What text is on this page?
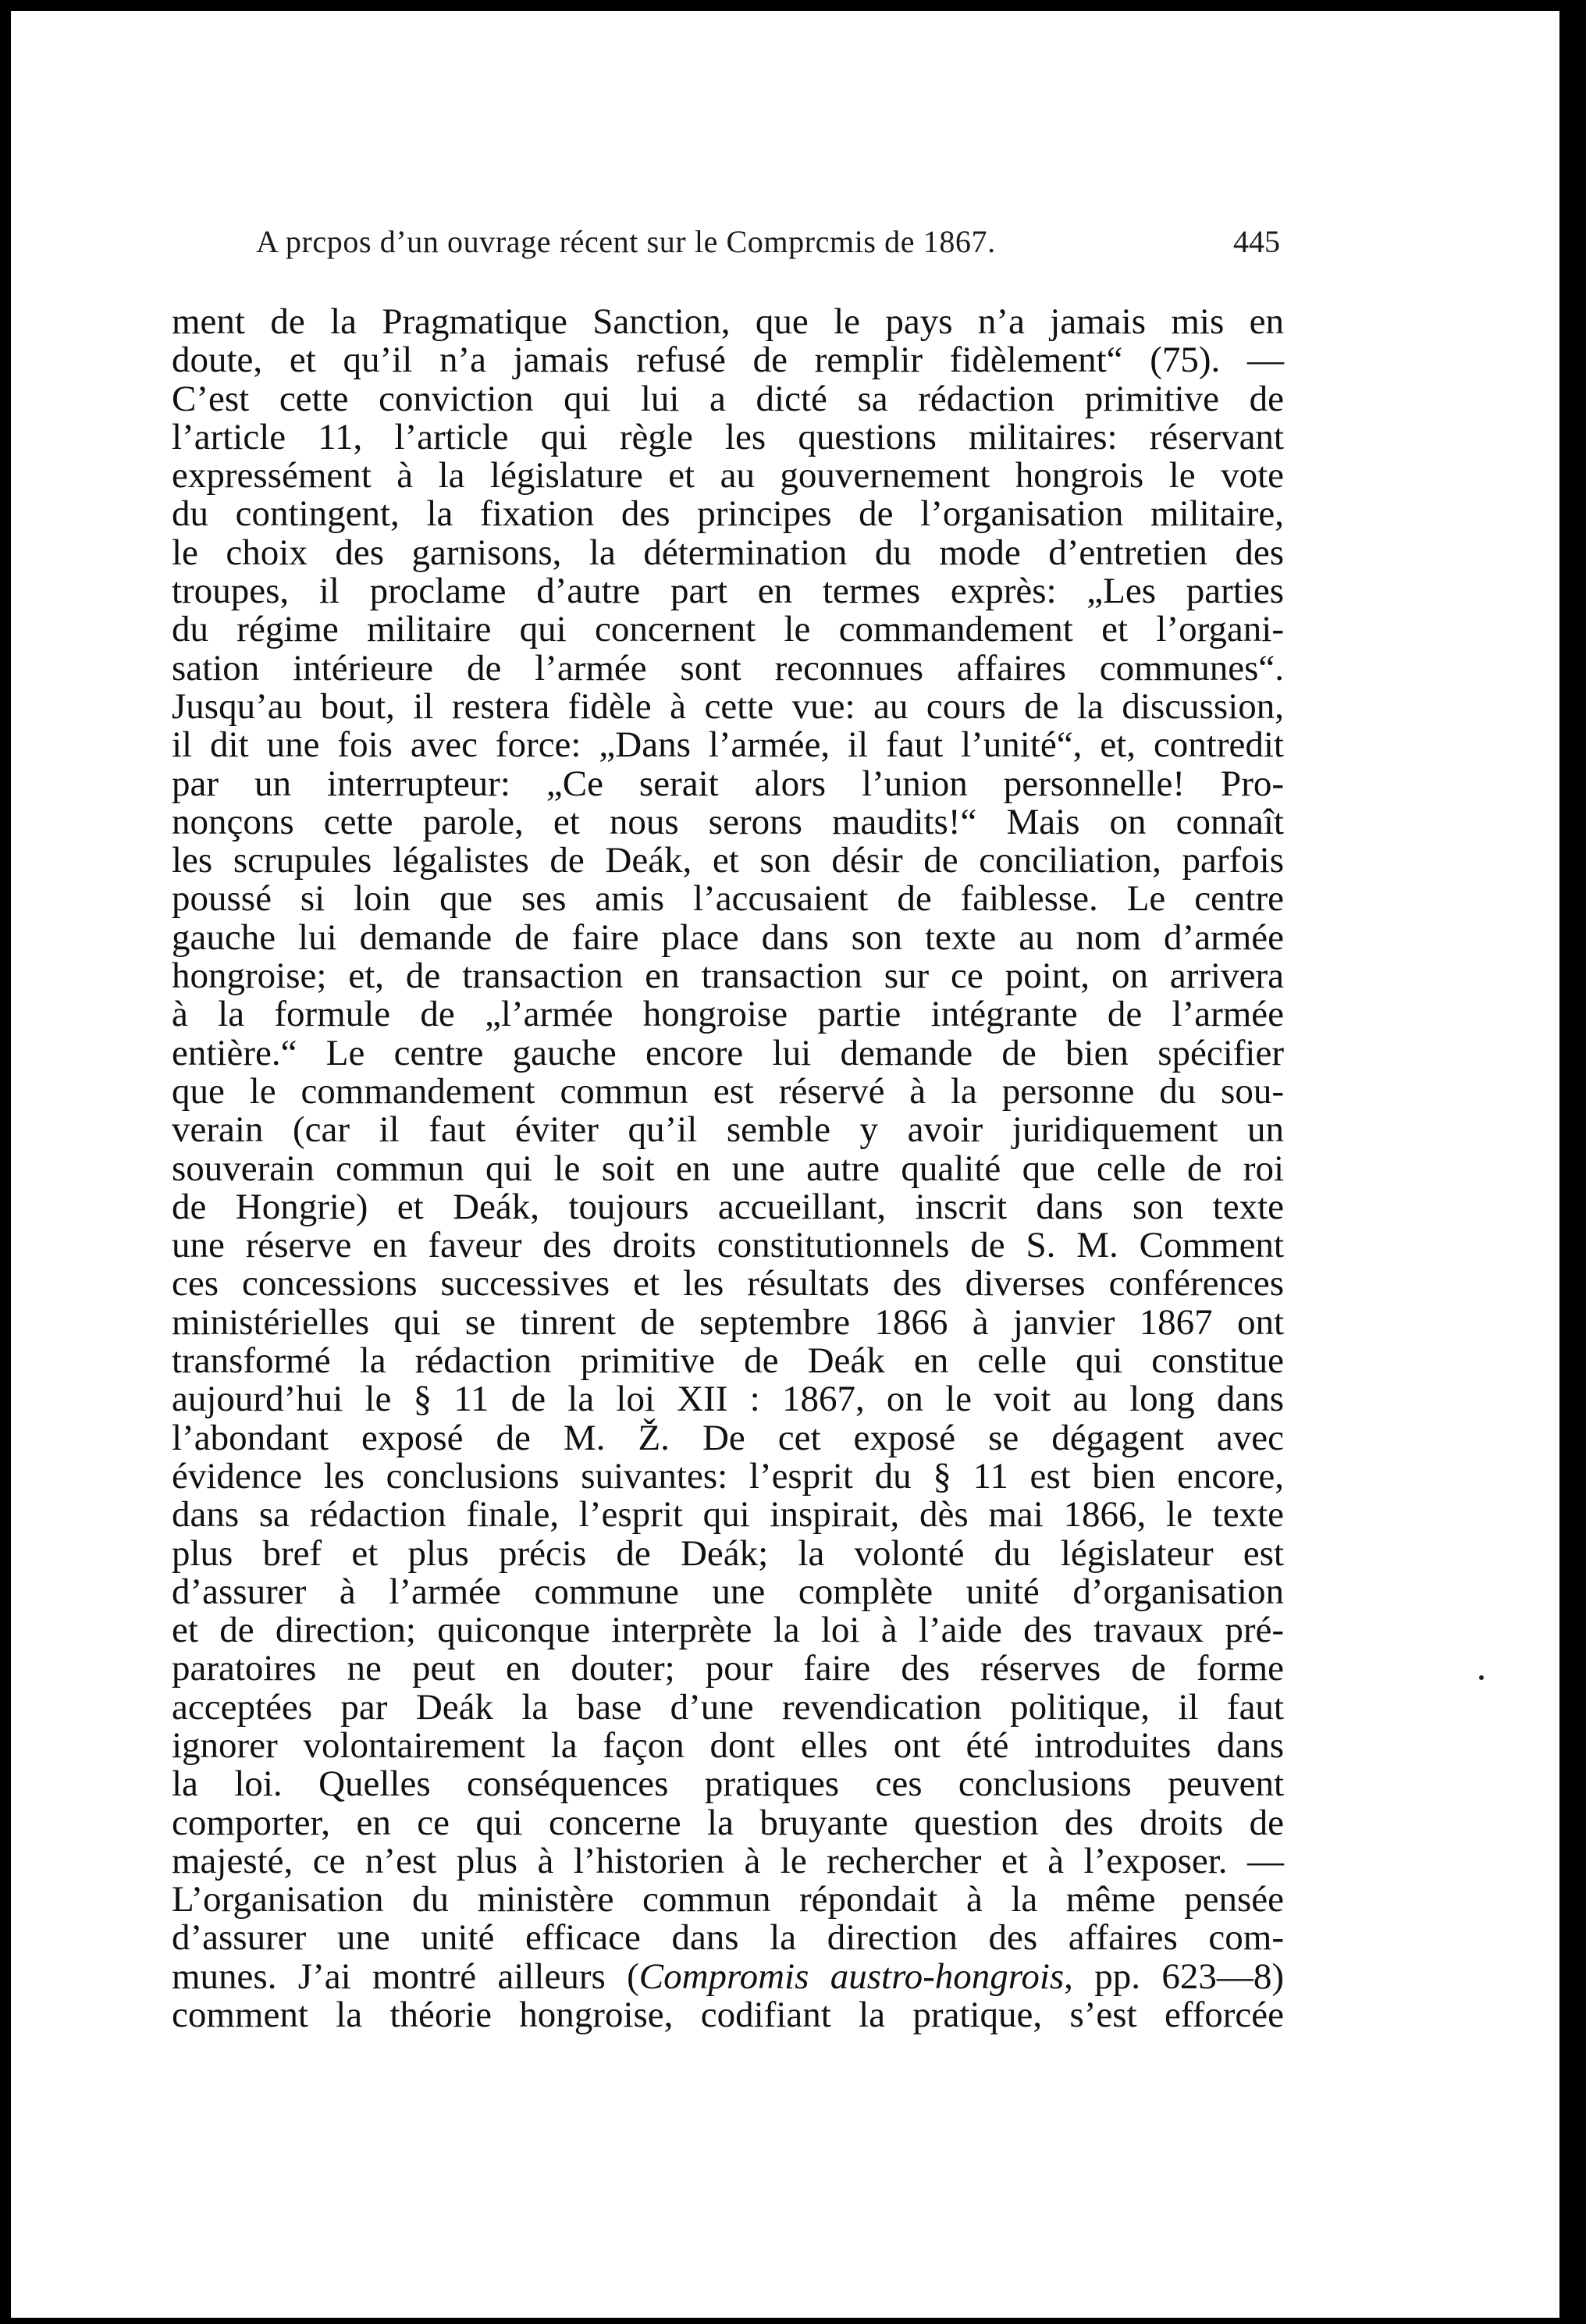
A prcpos d’un ouvrage récent sur le Comprcmis de 1867.	445
ment de la Pragmatique Sanction, que le pays n’a jamais mis en
doute, et qu’il n’a jamais refusé de remplir fidèlement“ (75). —
C’est cette conviction qui lui a dicté sa rédaction primitive de
l’article 11, l’article qui règle les questions militaires: réservant
expressément à la législature et au gouvernement hongrois le vote
du contingent, la fixation des principes de l’organisation militaire,
le choix des garnisons, la détermination du mode d’entretien des
troupes, il proclame d’autre part en termes exprès: „Les parties
du régime militaire qui concernent le commandement et l’organi-
sation intérieure de l’armée sont reconnues affaires communes“.
Jusqu’au bout, il restera fidèle à cette vue: au cours de la discussion,
il dit une fois avec force: „Dans l’armée, il faut l’unité“, et, contredit
par un interrupteur: „Ce serait alors l’union personnelle! Pro-
nonçons cette parole, et nous serons maudits!“ Mais on connaît
les scrupules légalistes de Deák, et son désir de conciliation, parfois
poussé si loin que ses amis l’accusaient de faiblesse. Le centre
gauche lui demande de faire place dans son texte au nom d’armée
hongroise; et, de transaction en transaction sur ce point, on arrivera
à la formule de „l’armée hongroise partie intégrante de l’armée
entière.“ Le centre gauche encore lui demande de bien spécifier
que le commandement commun est réservé à la personne du sou-
verain (car il faut éviter qu’il semble y avoir juridiquement un
souverain commun qui le soit en une autre qualité que celle de roi
de Hongrie) et Deák, toujours accueillant, inscrit dans son texte
une réserve en faveur des droits constitutionnels de S. M. Comment
ces concessions successives et les résultats des diverses conférences
ministérielles qui se tinrent de septembre 1866 à janvier 1867 ont
transformé la rédaction primitive de Deák en celle qui constitue
aujourd’hui le § 11 de la loi XII : 1867, on le voit au long dans
l’abondant exposé de M. Ž. De cet exposé se dégagent avec
évidence les conclusions suivantes: l’esprit du § 11 est bien encore,
dans sa rédaction finale, l’esprit qui inspirait, dès mai 1866, le texte
plus bref et plus précis de Deák; la volonté du législateur est
d’assurer à l’armée commune une complète unité d’organisation
et de direction; quiconque interprète la loi à l’aide des travaux pré-
paratoires ne peut en douter; pour faire des réserves de forme
acceptées par Deák la base d’une revendication politique, il faut
ignorer volontairement la façon dont elles ont été introduites dans
la loi. Quelles conséquences pratiques ces conclusions peuvent
comporter, en ce qui concerne la bruyante question des droits de
majesté, ce n’est plus à l’historien à le rechercher et à l’exposer. —
L’organisation du ministère commun répondait à la même pensée
d’assurer une unité efficace dans la direction des affaires com-
munes. J’ai montré ailleurs (Compromis austro-hongrois, pp. 623—8)
comment la théorie hongroise, codifiant la pratique, s’est efforcée
